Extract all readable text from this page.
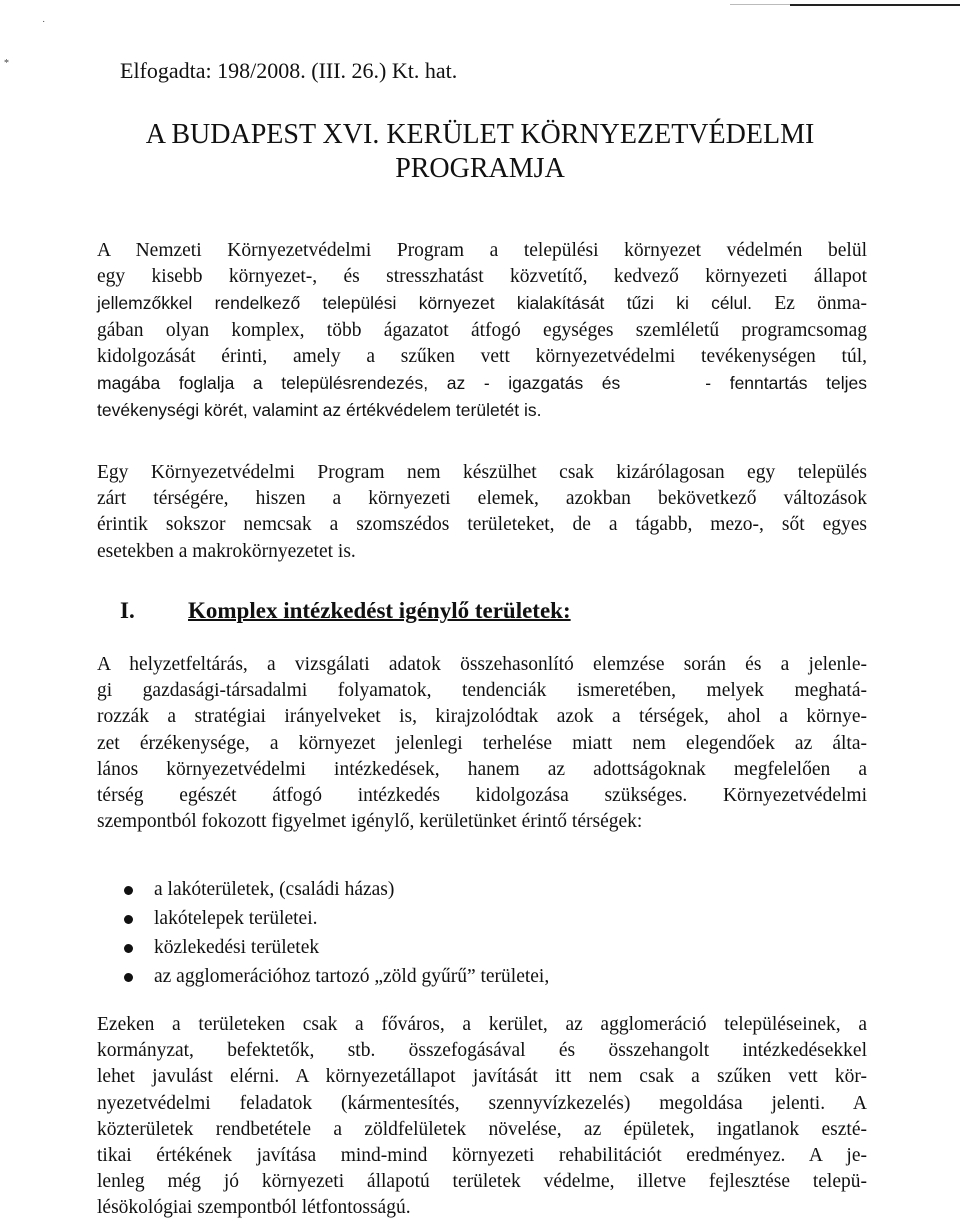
˙
*	Elfogadta: 198/2008. (III. 26.) Kt. hat.
A BUDAPEST XVI. KERÜLET KÖRNYEZETVÉDELMI
PROGRAMJA
A Nemzeti Környezetvédelmi Program a települési környezet védelmén belül
egy kisebb környezet-, és stresszhatást közvetítő, kedvező környezeti állapot
jellemzőkkel rendelkező települési környezet kialakítását tűzi ki célul. Ez önma-
gában olyan komplex, több ágazatot átfogó egységes szemléletű programcsomag
kidolgozását érinti, amely a szűken vett környezetvédelmi tevékenységen túl,
magába foglalja a településrendezés, az - igazgatás és	- fenntartás teljes
tevékenységi körét, valamint az értékvédelem területét is.
Egy Környezetvédelmi Program nem készülhet csak kizárólagosan egy település
zárt térségére, hiszen a környezeti elemek, azokban bekövetkező változások
érintik sokszor nemcsak a szomszédos területeket, de a tágabb, mezo-, sőt egyes
esetekben a makrokörnyezetet is.
I. Komplex intézkedést igénylő területek:
A helyzetfeltárás, a vizsgálati adatok összehasonlító elemzése során és a jelenle-
gi gazdasági-társadalmi folyamatok, tendenciák ismeretében, melyek meghatá-
rozzák a stratégiai irányelveket is, kirajzolódtak azok a térségek, ahol a környe-
zet érzékenysége, a környezet jelenlegi terhelése miatt nem elegendőek az álta-
lános környezetvédelmi intézkedések, hanem az adottságoknak megfelelően a
térség egészét átfogó intézkedés kidolgozása szükséges. Környezetvédelmi
szempontból fokozott figyelmet igénylő, kerületünket érintő térségek:
a lakóterületek, (családi házas)
lakótelepek területei.
közlekedési területek
az agglomerációhoz tartozó „zöld gyűrű” területei,
Ezeken a területeken csak a főváros, a kerület, az agglomeráció településeinek, a
kormányzat, befektetők, stb. összefogásával és összehangolt intézkedésekkel
lehet javulást elérni. A környezetállapot javítását itt nem csak a szűken vett kör-
nyezetvédelmi feladatok (kármentesítés, szennyvízkezelés) megoldása jelenti. A
közterületek rendbetétele a zöldfelületek növelése, az épületek, ingatlanok eszté-
tikai értékének javítása mind-mind környezeti rehabilitációt eredményez. A je-
lenleg még jó környezeti állapotú területek védelme, illetve fejlesztése telepü-
lésökológiai szempontból létfontosságú.
